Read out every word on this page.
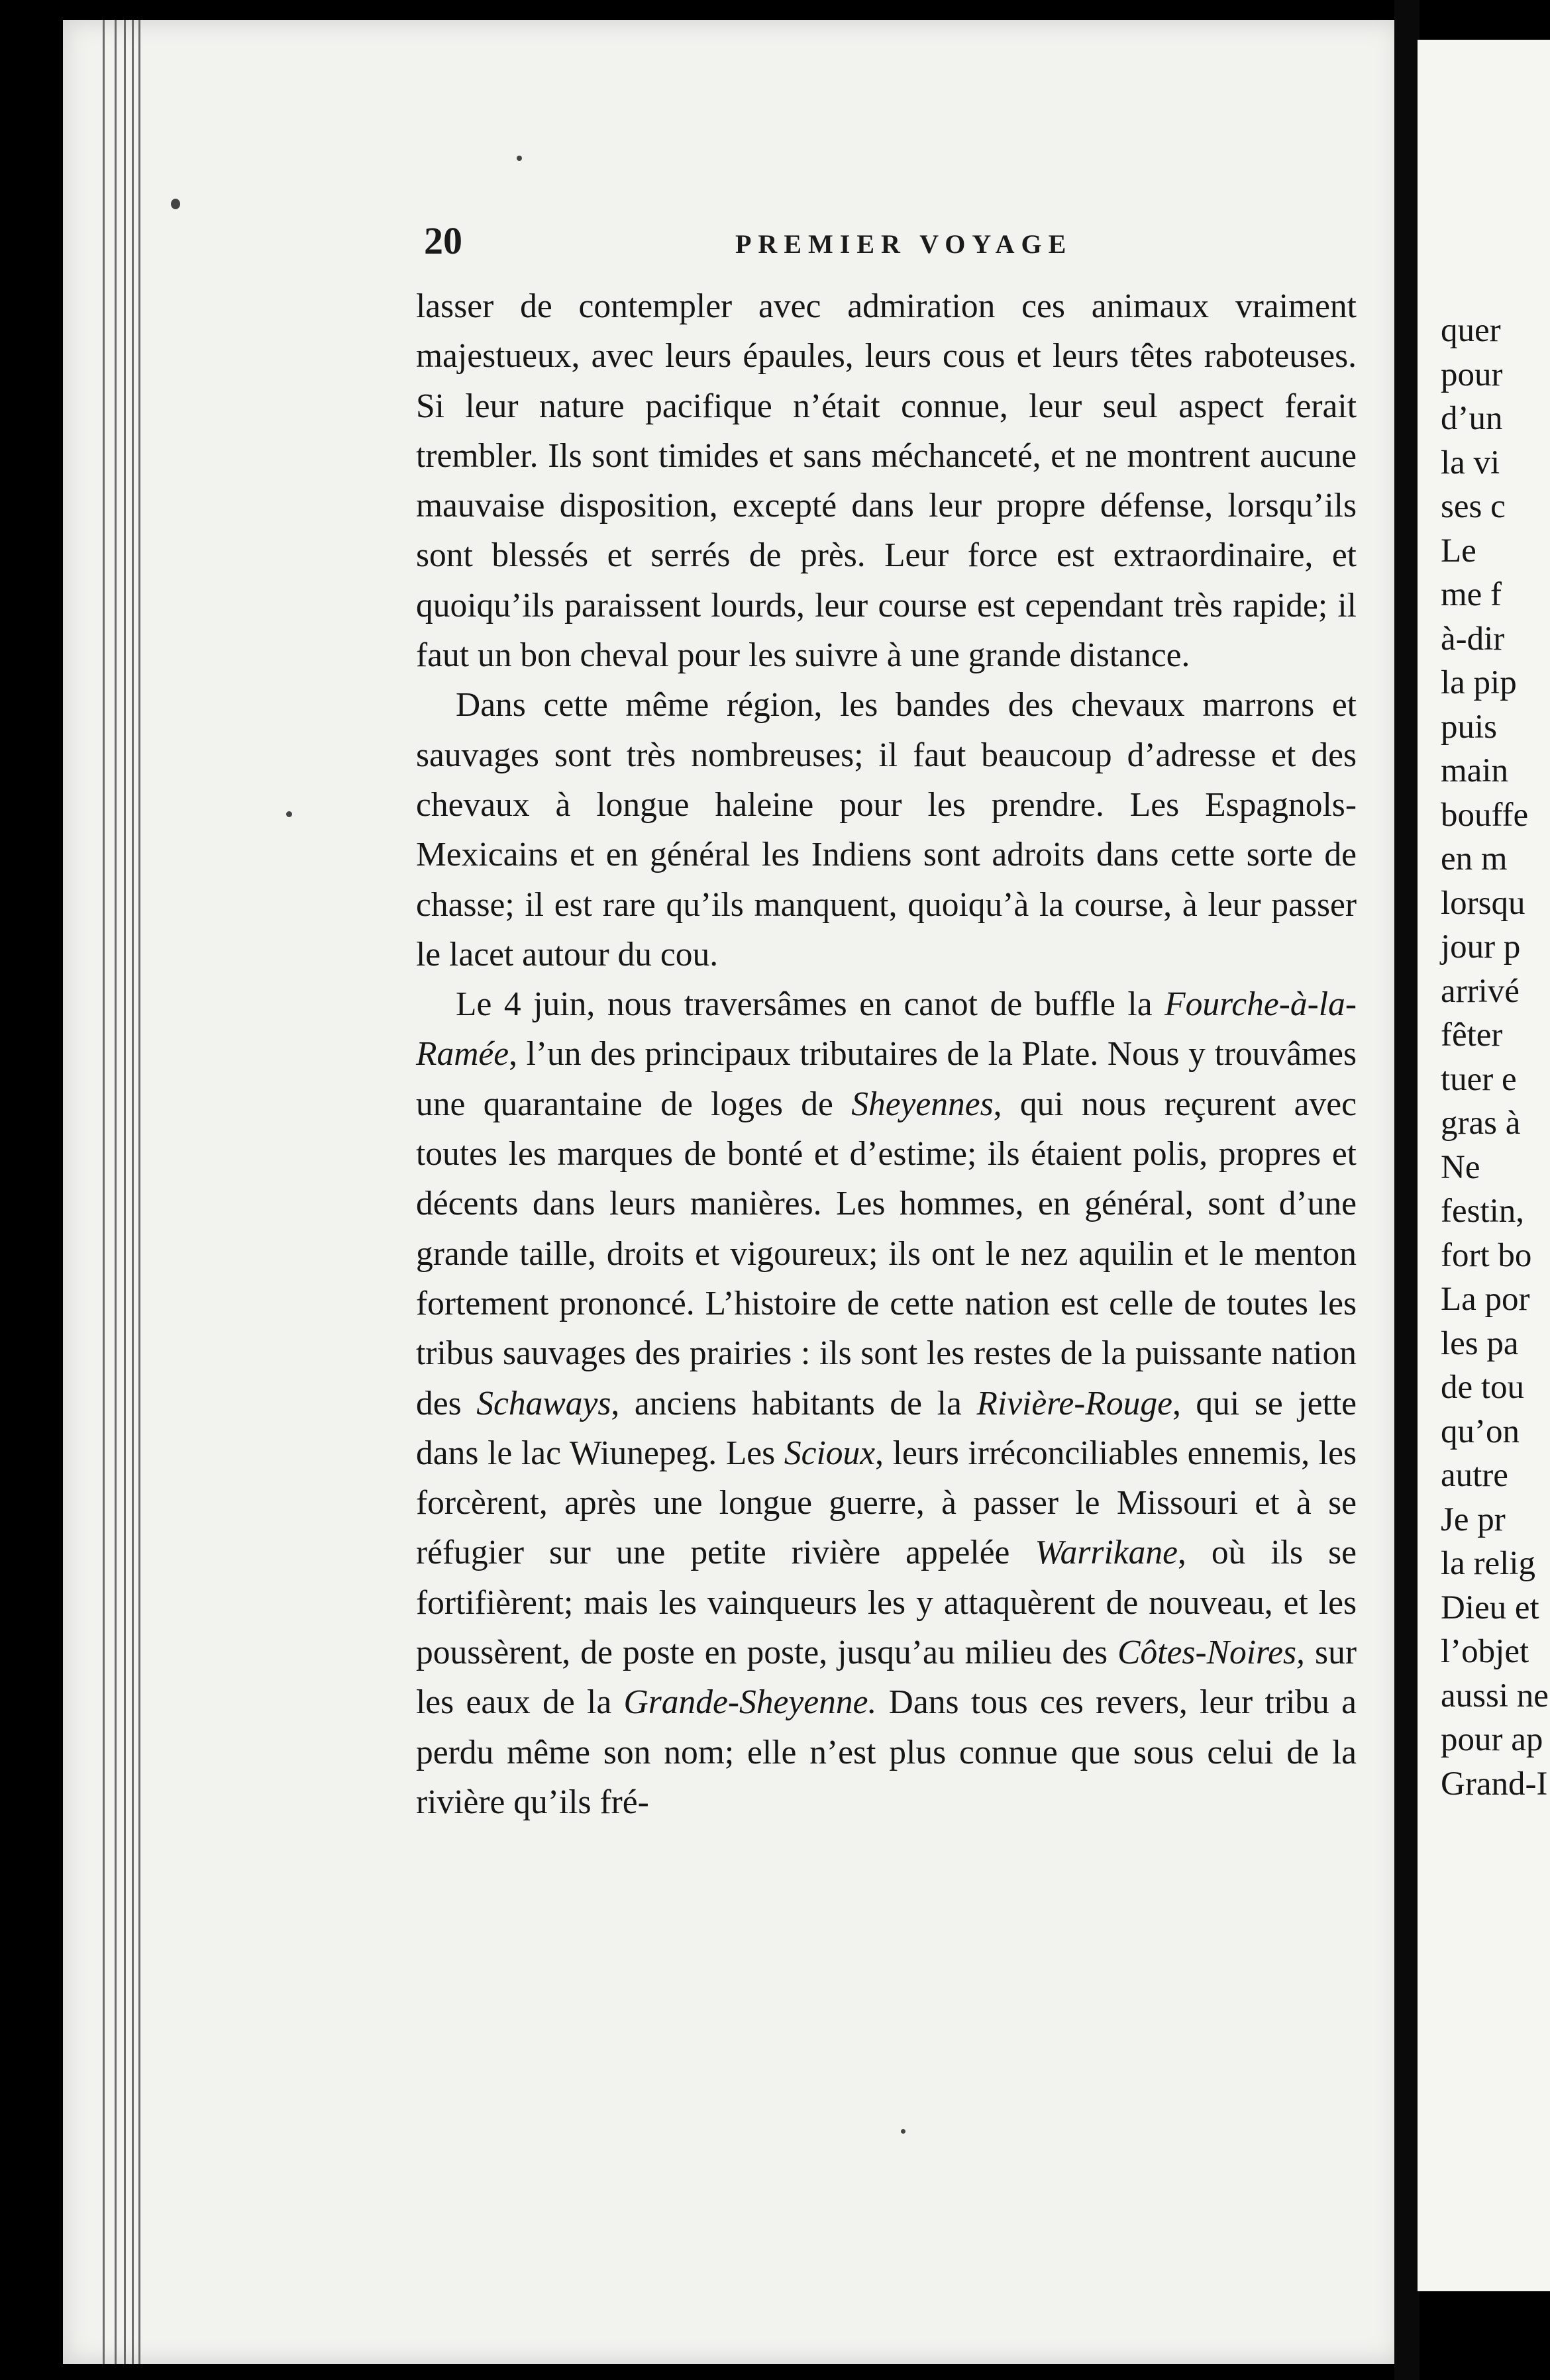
20	PREMIER VOYAGE

lasser de contempler avec admiration ces animaux vraiment majestueux, avec leurs épaules, leurs cous et leurs têtes raboteuses. Si leur nature pacifique n’était connue, leur seul aspect ferait trembler. Ils sont timides et sans méchanceté, et ne montrent aucune mauvaise disposition, excepté dans leur propre défense, lorsqu’ils sont blessés et serrés de près. Leur force est extraordinaire, et quoiqu’ils paraissent lourds, leur course est cependant très rapide; il faut un bon cheval pour les suivre à une grande distance.

Dans cette même région, les bandes des chevaux marrons et sauvages sont très nombreuses; il faut beaucoup d’adresse et des chevaux à longue haleine pour les prendre. Les Espagnols-Mexicains et en général les Indiens sont adroits dans cette sorte de chasse; il est rare qu’ils manquent, quoiqu’à la course, à leur passer le lacet autour du cou.

Le 4 juin, nous traversâmes en canot de buffle la Fourche-à-la-Ramée, l’un des principaux tributaires de la Plate. Nous y trouvâmes une quarantaine de loges de Sheyennes, qui nous reçurent avec toutes les marques de bonté et d’estime; ils étaient polis, propres et décents dans leurs manières. Les hommes, en général, sont d’une grande taille, droits et vigoureux; ils ont le nez aquilin et le menton fortement prononcé. L’histoire de cette nation est celle de toutes les tribus sauvages des prairies : ils sont les restes de la puissante nation des Schaways, anciens habitants de la Rivière-Rouge, qui se jette dans le lac Wiunepeg. Les Scioux, leurs irréconciliables ennemis, les forcèrent, après une longue guerre, à passer le Missouri et à se réfugier sur une petite rivière appelée Warrikane, où ils se fortifièrent; mais les vainqueurs les y attaquèrent de nouveau, et les poussèrent, de poste en poste, jusqu’au milieu des Côtes-Noires, sur les eaux de la Grande-Sheyenne. Dans tous ces revers, leur tribu a perdu même son nom; elle n’est plus connue que sous celui de la rivière qu’ils fré-

quer
pour
d’un
la vi
ses c
Le
me f
à-dir
la pip
puis
main
bouffe
en m
lorsqu
jour p
arrivé
fêter
tuer e
gras à
Ne
festin,
fort bo
La por
les pa
de tou
qu’on
autre
Je pr
la relig
Dieu et
l’objet
aussi ne
pour ap
Grand-I
